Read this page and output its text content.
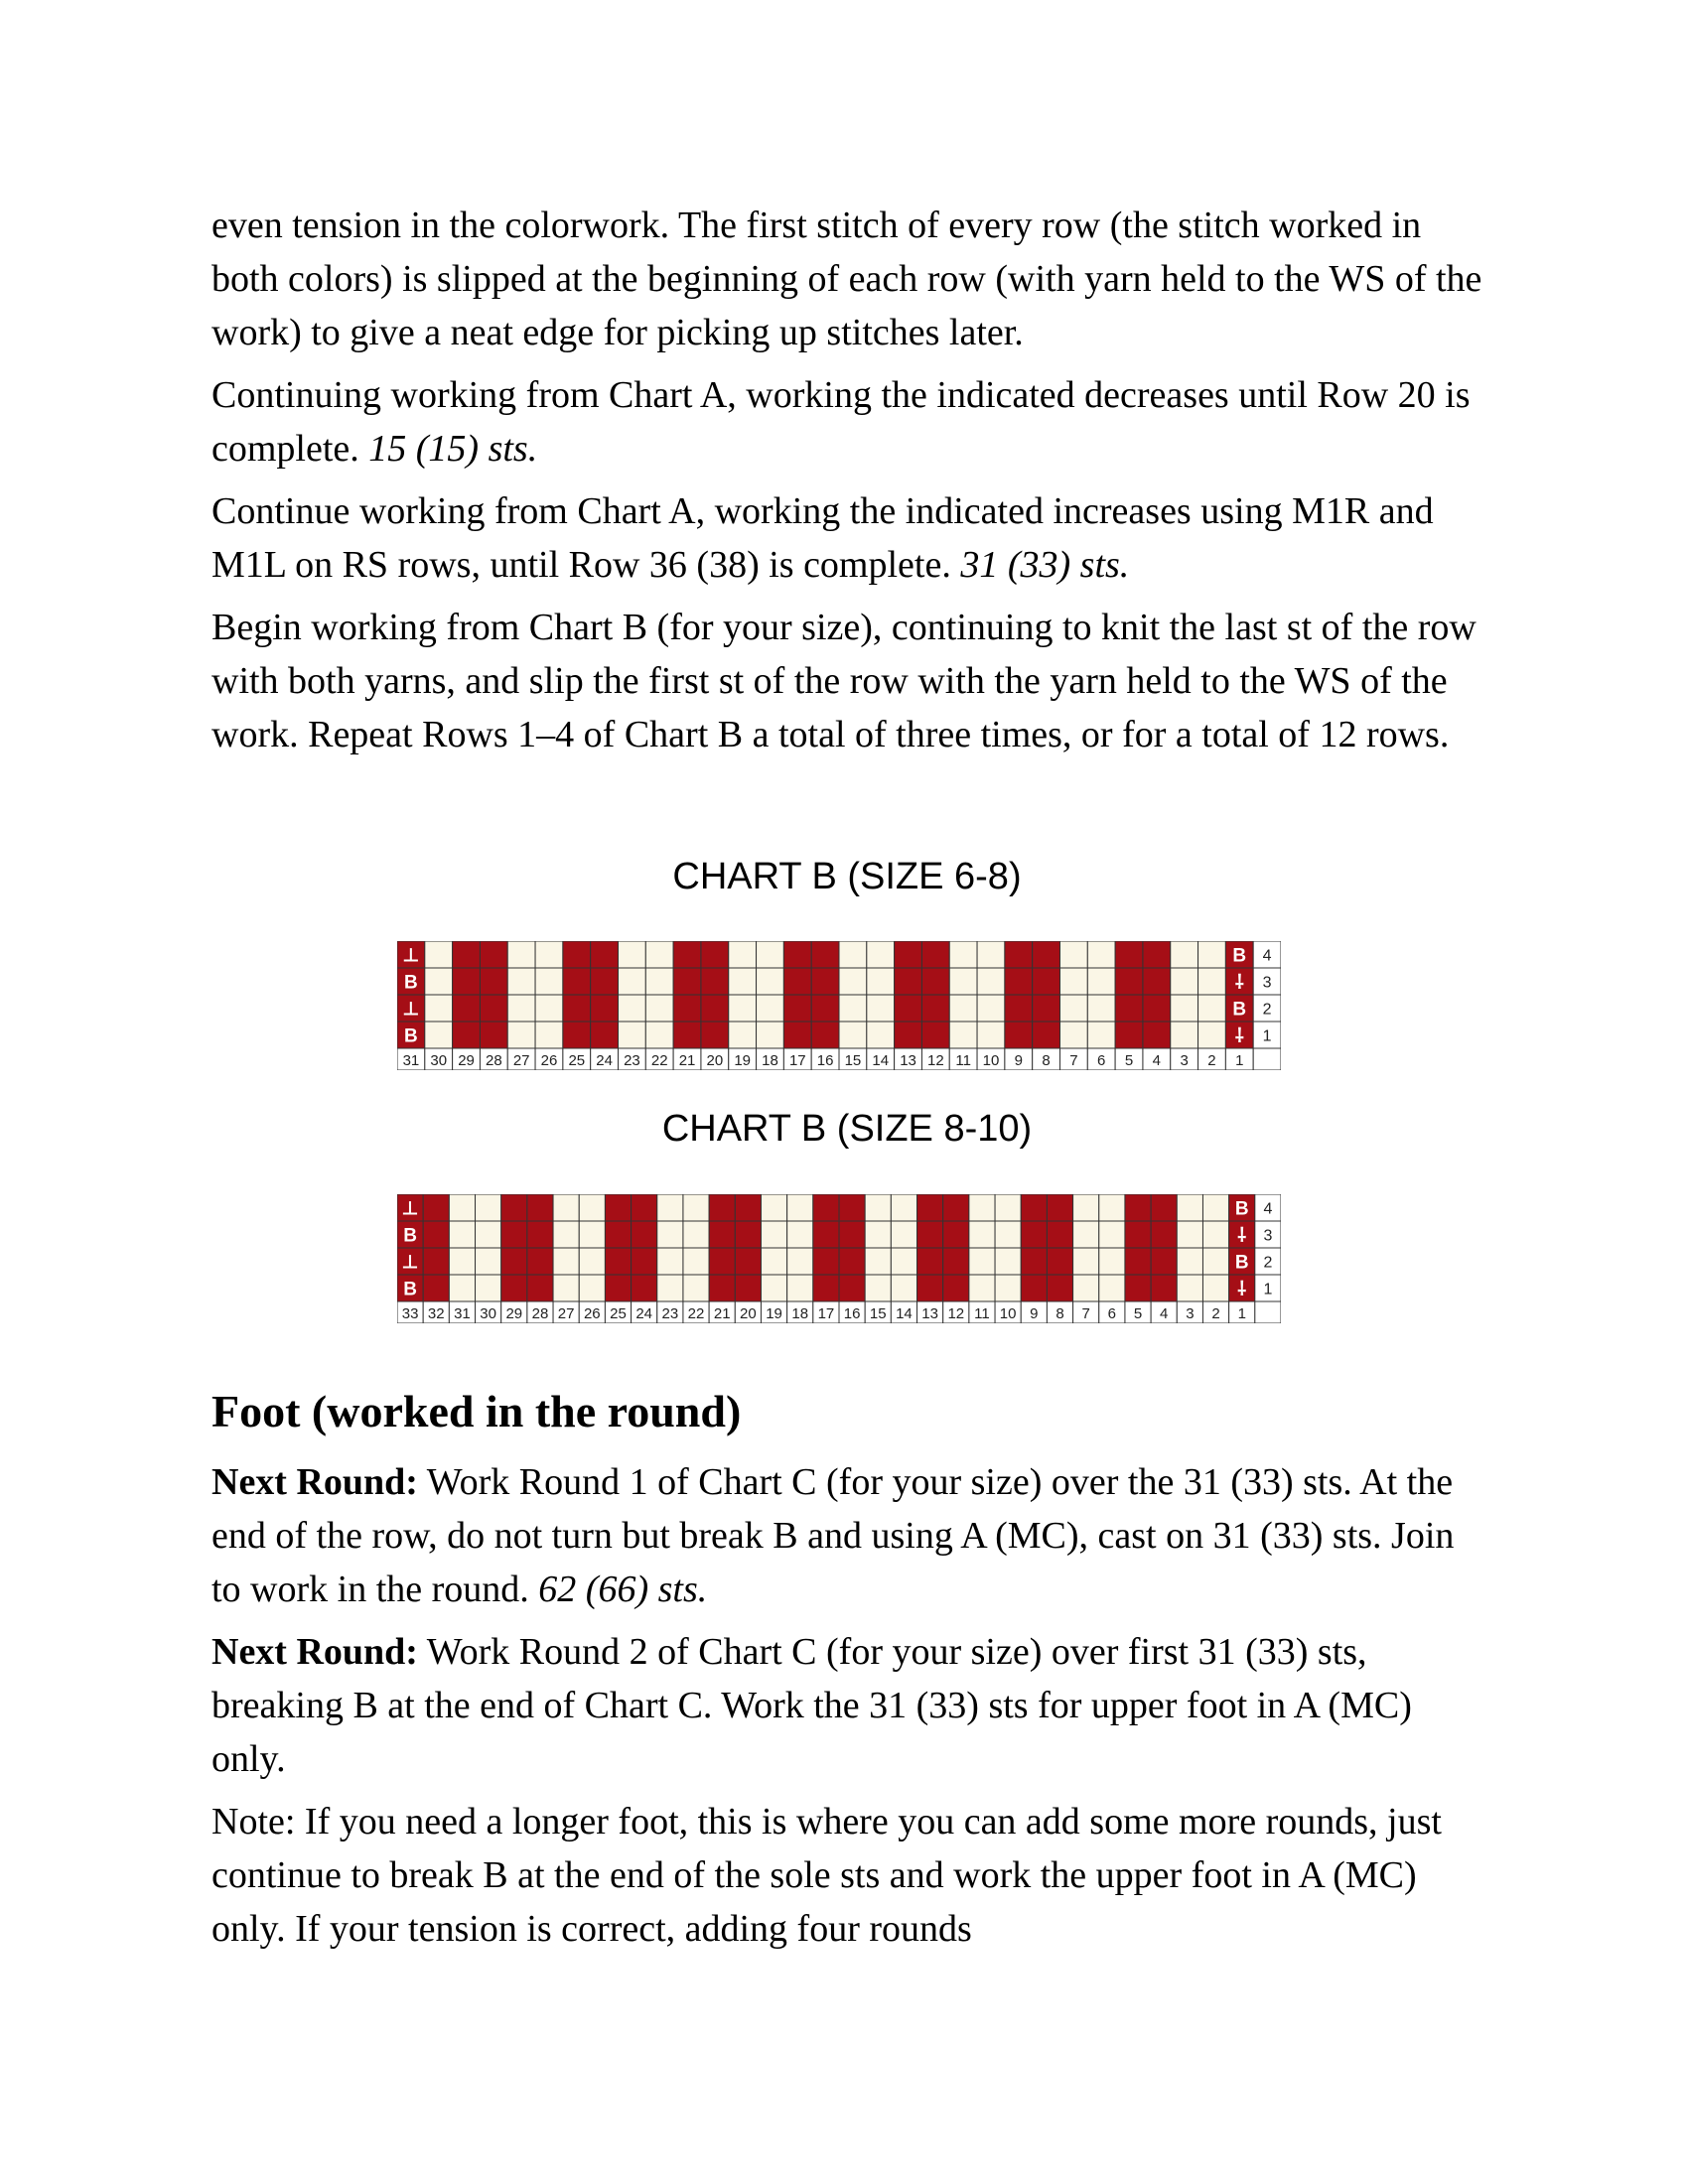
even tension in the colorwork. The first stitch of every row (the stitch worked in both colors) is slipped at the beginning of each row (with yarn held to the WS of the work) to give a neat edge for picking up stitches later.

Continuing working from Chart A, working the indicated decreases until Row 20 is complete. 15 (15) sts.

Continue working from Chart A, working the indicated increases using M1R and M1L on RS rows, until Row 36 (38) is complete. 31 (33) sts.

Begin working from Chart B (for your size), continuing to knit the last st of the row with both yarns, and slip the first st of the row with the yarn held to the WS of the work. Repeat Rows 1–4 of Chart B a total of three times, or for a total of 12 rows.

CHART B (SIZE 6-8)
⊥	B 4
B	⸸ 3
⊥	B 2
B	⸸ 1
31 30 29 28 27 26 25 24 23 22 21 20 19 18 17 16 15 14 13 12 11 10 9 8 7 6 5 4 3 2 1
CHART B (SIZE 8-10)
⊥	B 4
B	⸸ 3
⊥	B 2
B	⸸ 1
33 32 31 30 29 28 27 26 25 24 23 22 21 20 19 18 17 16 15 14 13 12 11 10 9 8 7 6 5 4 3 2 1
Foot (worked in the round)

Next Round: Work Round 1 of Chart C (for your size) over the 31 (33) sts. At the end of the row, do not turn but break B and using A (MC), cast on 31 (33) sts. Join to work in the round. 62 (66) sts.

Next Round: Work Round 2 of Chart C (for your size) over first 31 (33) sts, breaking B at the end of Chart C. Work the 31 (33) sts for upper foot in A (MC) only.

Note: If you need a longer foot, this is where you can add some more rounds, just continue to break B at the end of the sole sts and work the upper foot in A (MC) only. If your tension is correct, adding four rounds
